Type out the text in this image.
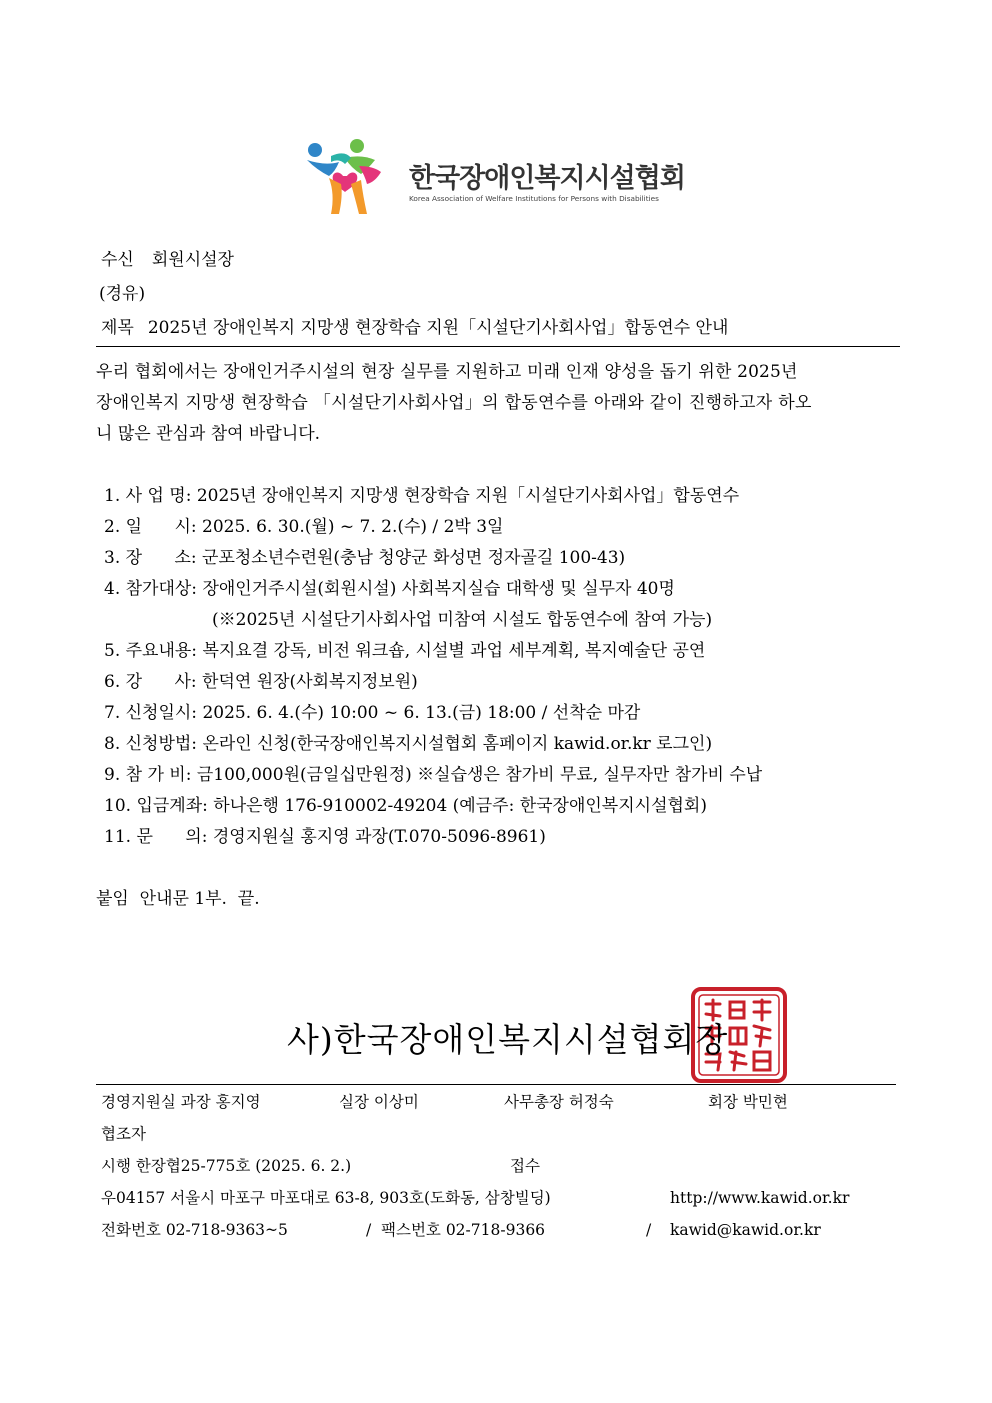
한국장애인복지시설협회
Korea Association of Welfare Institutions for Persons with Disabilities
수신 회원시설장
(경유)
제목 2025년 장애인복지 지망생 현장학습 지원「시설단기사회사업」합동연수 안내
우리 협회에서는 장애인거주시설의 현장 실무를 지원하고 미래 인재 양성을 돕기 위한 2025년
장애인복지 지망생 현장학습 「시설단기사회사업」의 합동연수를 아래와 같이 진행하고자 하오
니 많은 관심과 참여 바랍니다.
1. 사 업 명: 2025년 장애인복지 지망생 현장학습 지원「시설단기사회사업」합동연수
2. 일      시: 2025. 6. 30.(월) ~ 7. 2.(수) / 2박 3일
3. 장      소: 군포청소년수련원(충남 청양군 화성면 정자골길 100-43)
4. 참가대상: 장애인거주시설(회원시설) 사회복지실습 대학생 및 실무자 40명
(※2025년 시설단기사회사업 미참여 시설도 합동연수에 참여 가능)
5. 주요내용: 복지요결 강독, 비전 워크숍, 시설별 과업 세부계획, 복지예술단 공연
6. 강      사: 한덕연 원장(사회복지정보원)
7. 신청일시: 2025. 6. 4.(수) 10:00 ~ 6. 13.(금) 18:00 / 선착순 마감
8. 신청방법: 온라인 신청(한국장애인복지시설협회 홈페이지 kawid.or.kr 로그인)
9. 참 가 비: 금100,000원(금일십만원정) ※실습생은 참가비 무료, 실무자만 참가비 수납
10. 입금계좌: 하나은행 176-910002-49204 (예금주: 한국장애인복지시설협회)
11. 문      의: 경영지원실 홍지영 과장(T.070-5096-8961)
붙임  안내문 1부.  끝.
사)한국장애인복지시설협회장
경영지원실 과장 홍지영	실장 이상미	사무총장 허정숙	회장 박민현
협조자
시행 한장협25-775호 (2025. 6. 2.)	접수
우04157 서울시 마포구 마포대로 63-8, 903호(도화동, 삼창빌딩)	http://www.kawid.or.kr
전화번호 02-718-9363~5	/ 팩스번호 02-718-9366	/ kawid@kawid.or.kr
